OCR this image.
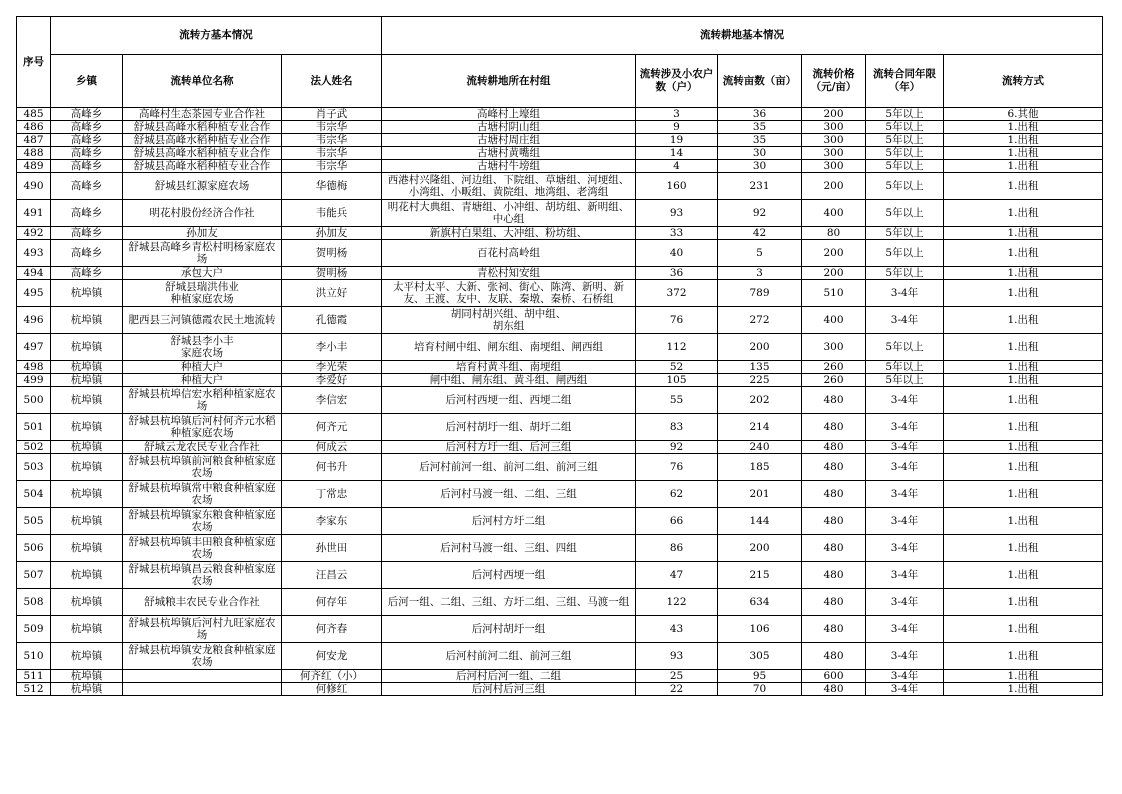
序号	流转方基本情况			流转耕地基本情况					
	乡镇	流转单位名称	法人姓名	流转耕地所在村组	流转涉及小农户数（户）	流转亩数（亩）	流转价格（元/亩）	流转合同年限（年）	流转方式
485	高峰乡	高峰村生态茶园专业合作社	肖子武	高峰村上壕组	3	36	200	5年以上	6.其他
486	高峰乡	舒城县高峰水稻种植专业合作	韦宗华	古塘村阴山组	9	35	300	5年以上	1.出租
487	高峰乡	舒城县高峰水稻种植专业合作	韦宗华	古塘村周庄组	19	35	300	5年以上	1.出租
488	高峰乡	舒城县高峰水稻种植专业合作	韦宗华	古塘村黄嘴组	14	30	300	5年以上	1.出租
489	高峰乡	舒城县高峰水稻种植专业合作	韦宗华	古塘村牛塝组	4	30	300	5年以上	1.出租
490	高峰乡	舒城县红源家庭农场	华德梅	西港村兴隆组、河边组、下院组、草塘组、河埂组、小湾组、小畈组、黄院组、地湾组、老湾组	160	231	200	5年以上	1.出租
491	高峰乡	明花村股份经济合作社	韦能兵	明花村大典组、青塘组、小冲组、胡坊组、新明组、中心组	93	92	400	5年以上	1.出租
492	高峰乡	孙加友	孙加友	新旗村白果组、大冲组、粉坊组、	33	42	80	5年以上	1.出租
493	高峰乡	舒城县高峰乡青松村明杨家庭农场	贺明杨	百花村高岭组	40	5	200	5年以上	1.出租
494	高峰乡	承包大户	贺明杨	青松村知安组	36	3	200	5年以上	1.出租
495	杭埠镇	舒城县瑞洪伟业
种植家庭农场	洪立好	太平村太平、大新、张祠、街心、陈湾、新明、新友、王渡、友中、友联、秦墩、秦桥、石桥组	372	789	510	3-4年	1.出租
496	杭埠镇	肥西县三河镇德霞农民土地流转	孔德霞	胡同村胡兴组、胡中组、
胡东组	76	272	400	3-4年	1.出租
497	杭埠镇	舒城县李小丰
家庭农场	李小丰	培育村闸中组、闸东组、南埂组、闸西组	112	200	300	5年以上	1.出租
498	杭埠镇	种植大户	李光荣	培育村黄斗组、南埂组	52	135	260	5年以上	1.出租
499	杭埠镇	种植大户	李爱好	闸中组、闸东组、黄斗组、闸西组	105	225	260	5年以上	1.出租
500	杭埠镇	舒城县杭埠信宏水稻种植家庭农场	李信宏	后河村西埂一组、西埂二组	55	202	480	3-4年	1.出租
501	杭埠镇	舒城县杭埠镇后河村何齐元水稻种植家庭农场	何齐元	后河村胡圩一组、胡圩二组	83	214	480	3-4年	1.出租
502	杭埠镇	舒城云龙农民专业合作社	何成云	后河村方圩一组、后河三组	92	240	480	3-4年	1.出租
503	杭埠镇	舒城县杭埠镇前河粮食种植家庭农场	何书升	后河村前河一组、前河二组、前河三组	76	185	480	3-4年	1.出租
504	杭埠镇	舒城县杭埠镇常中粮食种植家庭农场	丁常忠	后河村马渡一组、二组、三组	62	201	480	3-4年	1.出租
505	杭埠镇	舒城县杭埠镇家东粮食种植家庭农场	李家东	后河村方圩二组	66	144	480	3-4年	1.出租
506	杭埠镇	舒城县杭埠镇丰田粮食种植家庭农场	孙世田	后河村马渡一组、三组、四组	86	200	480	3-4年	1.出租
507	杭埠镇	舒城县杭埠镇昌云粮食种植家庭农场	汪昌云	后河村西埂一组	47	215	480	3-4年	1.出租
508	杭埠镇	舒城粮丰农民专业合作社	何存年	后河一组、二组、三组、方圩二组、三组、马渡一组	122	634	480	3-4年	1.出租
509	杭埠镇	舒城县杭埠镇后河村九旺家庭农场	何齐春	后河村胡圩一组	43	106	480	3-4年	1.出租
510	杭埠镇	舒城县杭埠镇安龙粮食种植家庭农场	何安龙	后河村前河二组、前河三组	93	305	480	3-4年	1.出租
511	杭埠镇		何齐红（小）	后河村后河一组、二组	25	95	600	3-4年	1.出租
512	杭埠镇		何修红	后河村后河三组	22	70	480	3-4年	1.出租
